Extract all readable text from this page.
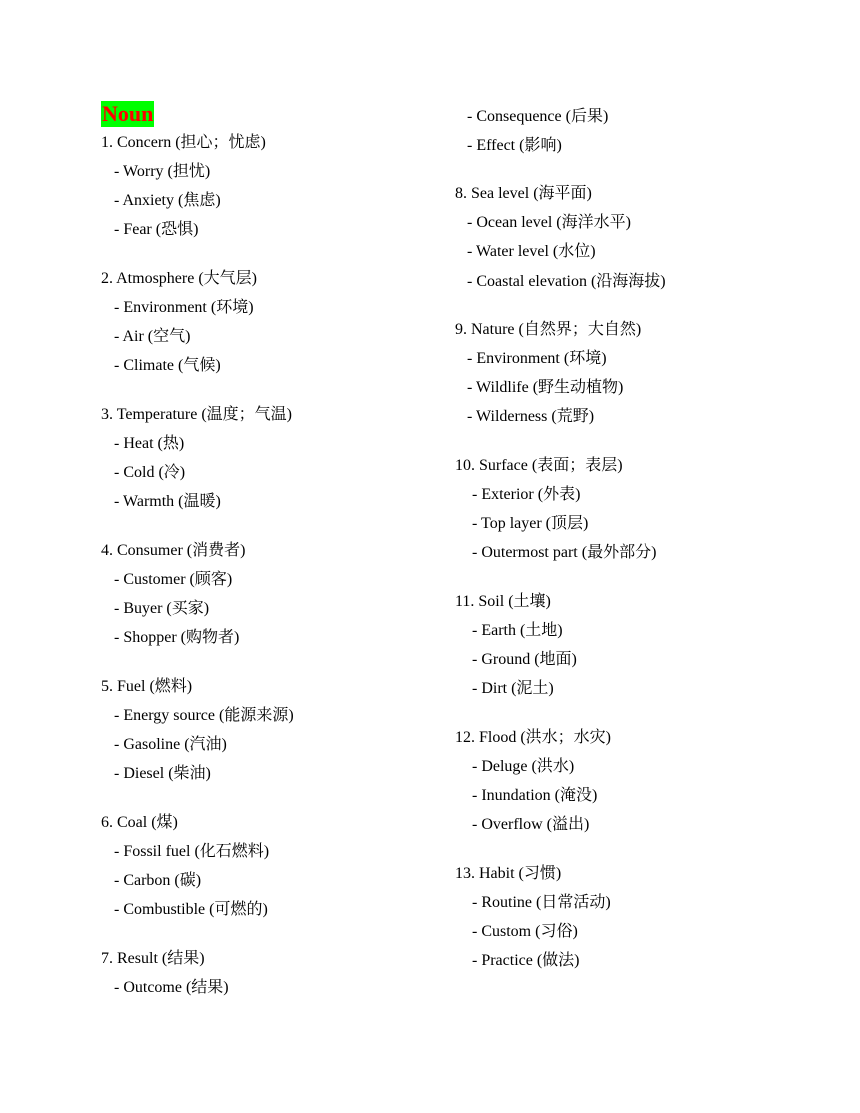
Noun
1. Concern (担心；忧虑)
- Worry (担忧)
- Anxiety (焦虑)
- Fear (恐惧)
2. Atmosphere (大气层)
- Environment (环境)
- Air (空气)
- Climate (气候)
3. Temperature (温度；气温)
- Heat (热)
- Cold (冷)
- Warmth (温暖)
4. Consumer (消费者)
- Customer (顾客)
- Buyer (买家)
- Shopper (购物者)
5. Fuel (燃料)
- Energy source (能源来源)
- Gasoline (汽油)
- Diesel (柴油)
6. Coal (煤)
- Fossil fuel (化石燃料)
- Carbon (碳)
- Combustible (可燃的)
7. Result (结果)
- Outcome (结果)
- Consequence (后果)
- Effect (影响)
8. Sea level (海平面)
- Ocean level (海洋水平)
- Water level (水位)
- Coastal elevation (沿海海拔)
9. Nature (自然界；大自然)
- Environment (环境)
- Wildlife (野生动植物)
- Wilderness (荒野)
10. Surface (表面；表层)
- Exterior (外表)
- Top layer (顶层)
- Outermost part (最外部分)
11. Soil (土壤)
- Earth (土地)
- Ground (地面)
- Dirt (泥土)
12. Flood (洪水；水灾)
- Deluge (洪水)
- Inundation (淹没)
- Overflow (溢出)
13. Habit (习惯)
- Routine (日常活动)
- Custom (习俗)
- Practice (做法)
